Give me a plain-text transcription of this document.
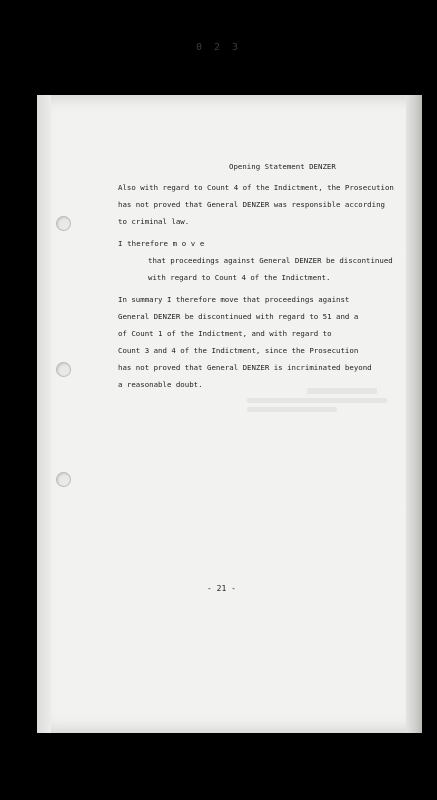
0 2 3
Opening Statement DENZER
Also with regard to Count 4 of the Indictment, the Prosecution
has not proved that General DENZER was responsible according
to criminal law.
I therefore m o v e
that proceedings against General DENZER be discontinued
with regard to Count 4 of the Indictment.
In summary I therefore move that proceedings against
General DENZER be discontinued with regard to 51 and a
of Count 1 of the Indictment, and with regard to
Count 3 and 4 of the Indictment, since the Prosecution
has not proved that General DENZER is incriminated beyond
a reasonable doubt.
- 21 -
